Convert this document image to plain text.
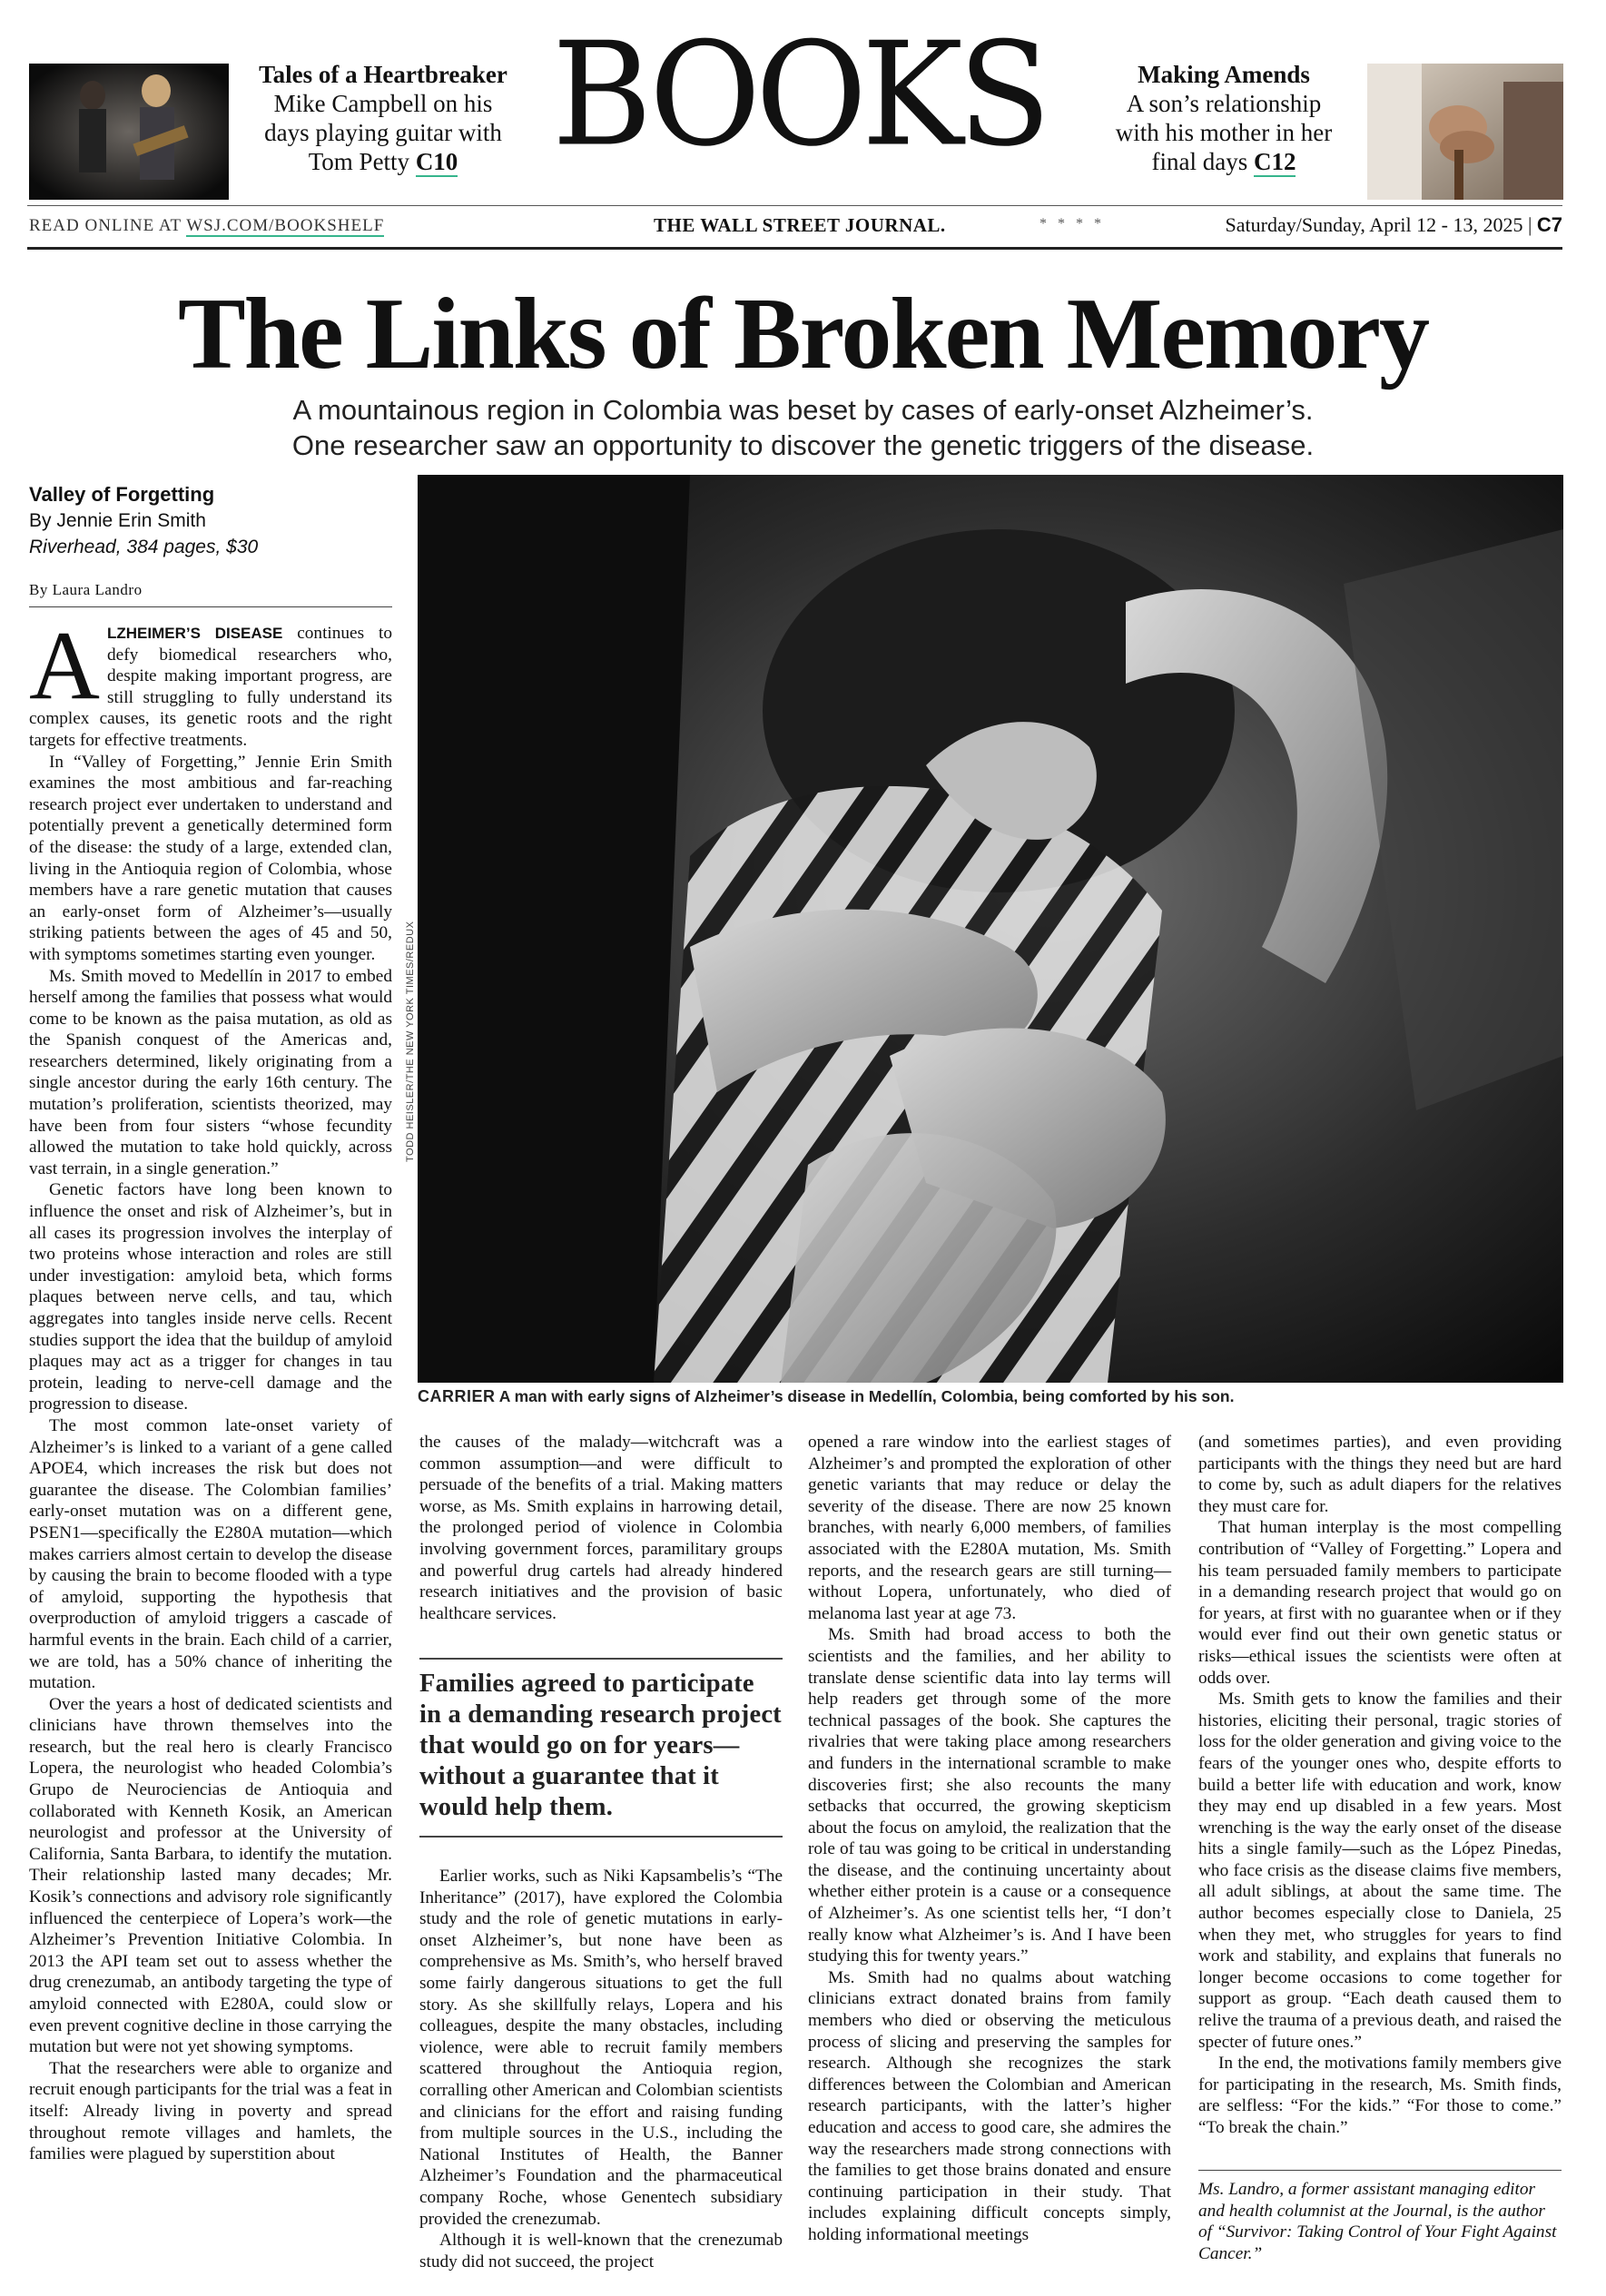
Tales of a Heartbreaker
Mike Campbell on his
days playing guitar with
Tom Petty C10 BOOKS	Making Amends
A son’s relationship
with his mother in her
final days C12
READ ONLINE AT WSJ.COM/BOOKSHELF	THE WALL STREET JOURNAL.	* * * *	Saturday/Sunday, April 12 - 13, 2025 | C7
The Links of Broken Memory
A mountainous region in Colombia was beset by cases of early-onset Alzheimer’s.
One researcher saw an opportunity to discover the genetic triggers of the disease.
Valley of Forgetting
By Jennie Erin Smith
Riverhead, 384 pages, $30
By Laura Landro
TODD HEISLER/THE NEW YORK TIMES/REDUX
CARRIER A man with early signs of Alzheimer’s disease in Medellín, Colombia, being comforted by his son.

ALZHEIMER’S DISEASE continues to defy biomedical researchers who, despite making important progress, are still struggling to fully understand its complex causes, its genetic roots and the right targets for effective treatments.

In “Valley of Forgetting,” Jennie Erin Smith examines the most ambitious and far-reaching research project ever undertaken to understand and potentially prevent a genetically determined form of the disease: the study of a large, extended clan, living in the Antioquia region of Colombia, whose members have a rare genetic mutation that causes an early-onset form of Alzheimer’s—usually striking patients between the ages of 45 and 50, with symptoms sometimes starting even younger.

Ms. Smith moved to Medellín in 2017 to embed herself among the families that possess what would come to be known as the paisa mutation, as old as the Spanish conquest of the Americas and, researchers determined, likely originating from a single ancestor during the early 16th century. The mutation’s proliferation, scientists theorized, may have been from four sisters “whose fecundity allowed the mutation to take hold quickly, across vast terrain, in a single generation.”

Genetic factors have long been known to influence the onset and risk of Alzheimer’s, but in all cases its progression involves the interplay of two proteins whose interaction and roles are still under investigation: amyloid beta, which forms plaques between nerve cells, and tau, which aggregates into tangles inside nerve cells. Recent studies support the idea that the buildup of amyloid plaques may act as a trigger for changes in tau protein, leading to nerve-cell damage and the progression to disease.

The most common late-onset variety of Alzheimer’s is linked to a variant of a gene called APOE4, which increases the risk but does not guarantee the disease. The Colombian families’ early-onset mutation was on a different gene, PSEN1—specifically the E280A mutation—which makes carriers almost certain to develop the disease by causing the brain to become flooded with a type of amyloid, supporting the hypothesis that overproduction of amyloid triggers a cascade of harmful events in the brain. Each child of a carrier, we are told, has a 50% chance of inheriting the mutation.

Over the years a host of dedicated scientists and clinicians have thrown themselves into the research, but the real hero is clearly Francisco Lopera, the neurologist who headed Colombia’s Grupo de Neurociencias de Antioquia and collaborated with Kenneth Kosik, an American neurologist and professor at the University of California, Santa Barbara, to identify the mutation. Their relationship lasted many decades; Mr. Kosik’s connections and advisory role significantly influenced the centerpiece of Lopera’s work—the Alzheimer’s Prevention Initiative Colombia. In 2013 the API team set out to assess whether the drug crenezumab, an antibody targeting the type of amyloid connected with E280A, could slow or even prevent cognitive decline in those carrying the mutation but were not yet showing symptoms.

That the researchers were able to organize and recruit enough participants for the trial was a feat in itself: Already living in poverty and spread throughout remote villages and hamlets, the families were plagued by superstition about

the causes of the malady—witchcraft was a common assumption—and were difficult to persuade of the benefits of a trial. Making matters worse, as Ms. Smith explains in harrowing detail, the prolonged period of violence in Colombia involving government forces, paramilitary groups and powerful drug cartels had already hindered research initiatives and the provision of basic healthcare services.

Families agreed to participate in a demanding research project that would go on for years—without a guarantee that it would help them.

Earlier works, such as Niki Kapsambelis’s “The Inheritance” (2017), have explored the Colombia study and the role of genetic mutations in early-onset Alzheimer’s, but none have been as comprehensive as Ms. Smith’s, who herself braved some fairly dangerous situations to get the full story. As she skillfully relays, Lopera and his colleagues, despite the many obstacles, including violence, were able to recruit family members scattered throughout the Antioquia region, corralling other American and Colombian scientists and clinicians for the effort and raising funding from multiple sources in the U.S., including the National Institutes of Health, the Banner Alzheimer’s Foundation and the pharmaceutical company Roche, whose Genentech subsidiary provided the crenezumab.

Although it is well-known that the crenezumab study did not succeed, the project

opened a rare window into the earliest stages of Alzheimer’s and prompted the exploration of other genetic variants that may reduce or delay the severity of the disease. There are now 25 known branches, with nearly 6,000 members, of families associated with the E280A mutation, Ms. Smith reports, and the research gears are still turning—without Lopera, unfortunately, who died of melanoma last year at age 73.

Ms. Smith had broad access to both the scientists and the families, and her ability to translate dense scientific data into lay terms will help readers get through some of the more technical passages of the book. She captures the rivalries that were taking place among researchers and funders in the international scramble to make discoveries first; she also recounts the many setbacks that occurred, the growing skepticism about the focus on amyloid, the realization that the role of tau was going to be critical in understanding the disease, and the continuing uncertainty about whether either protein is a cause or a consequence of Alzheimer’s. As one scientist tells her, “I don’t really know what Alzheimer’s is. And I have been studying this for twenty years.”

Ms. Smith had no qualms about watching clinicians extract donated brains from family members who died or observing the meticulous process of slicing and preserving the samples for research. Although she recognizes the stark differences between the Colombian and American research participants, with the latter’s higher education and access to good care, she admires the way the researchers made strong connections with the families to get those brains donated and ensure continuing participation in their study. That includes explaining difficult concepts simply, holding informational meetings

(and sometimes parties), and even providing participants with the things they need but are hard to come by, such as adult diapers for the relatives they must care for.

That human interplay is the most compelling contribution of “Valley of Forgetting.” Lopera and his team persuaded family members to participate in a demanding research project that would go on for years, at first with no guarantee when or if they would ever find out their own genetic status or risks—ethical issues the scientists were often at odds over.

Ms. Smith gets to know the families and their histories, eliciting their personal, tragic stories of loss for the older generation and giving voice to the fears of the younger ones who, despite efforts to build a better life with education and work, know they may end up disabled in a few years. Most wrenching is the way the early onset of the disease hits a single family—such as the López Pinedas, who face crisis as the disease claims five members, all adult siblings, at about the same time. The author becomes especially close to Daniela, 25 when they met, who struggles for years to find work and stability, and explains that funerals no longer become occasions to come together for support as group. “Each death caused them to relive the trauma of a previous death, and raised the specter of future ones.”

In the end, the motivations family members give for participating in the research, Ms. Smith finds, are selfless: “For the kids.” “For those to come.” “To break the chain.”

Ms. Landro, a former assistant managing editor and health columnist at the Journal, is the author of “Survivor: Taking Control of Your Fight Against Cancer.”
